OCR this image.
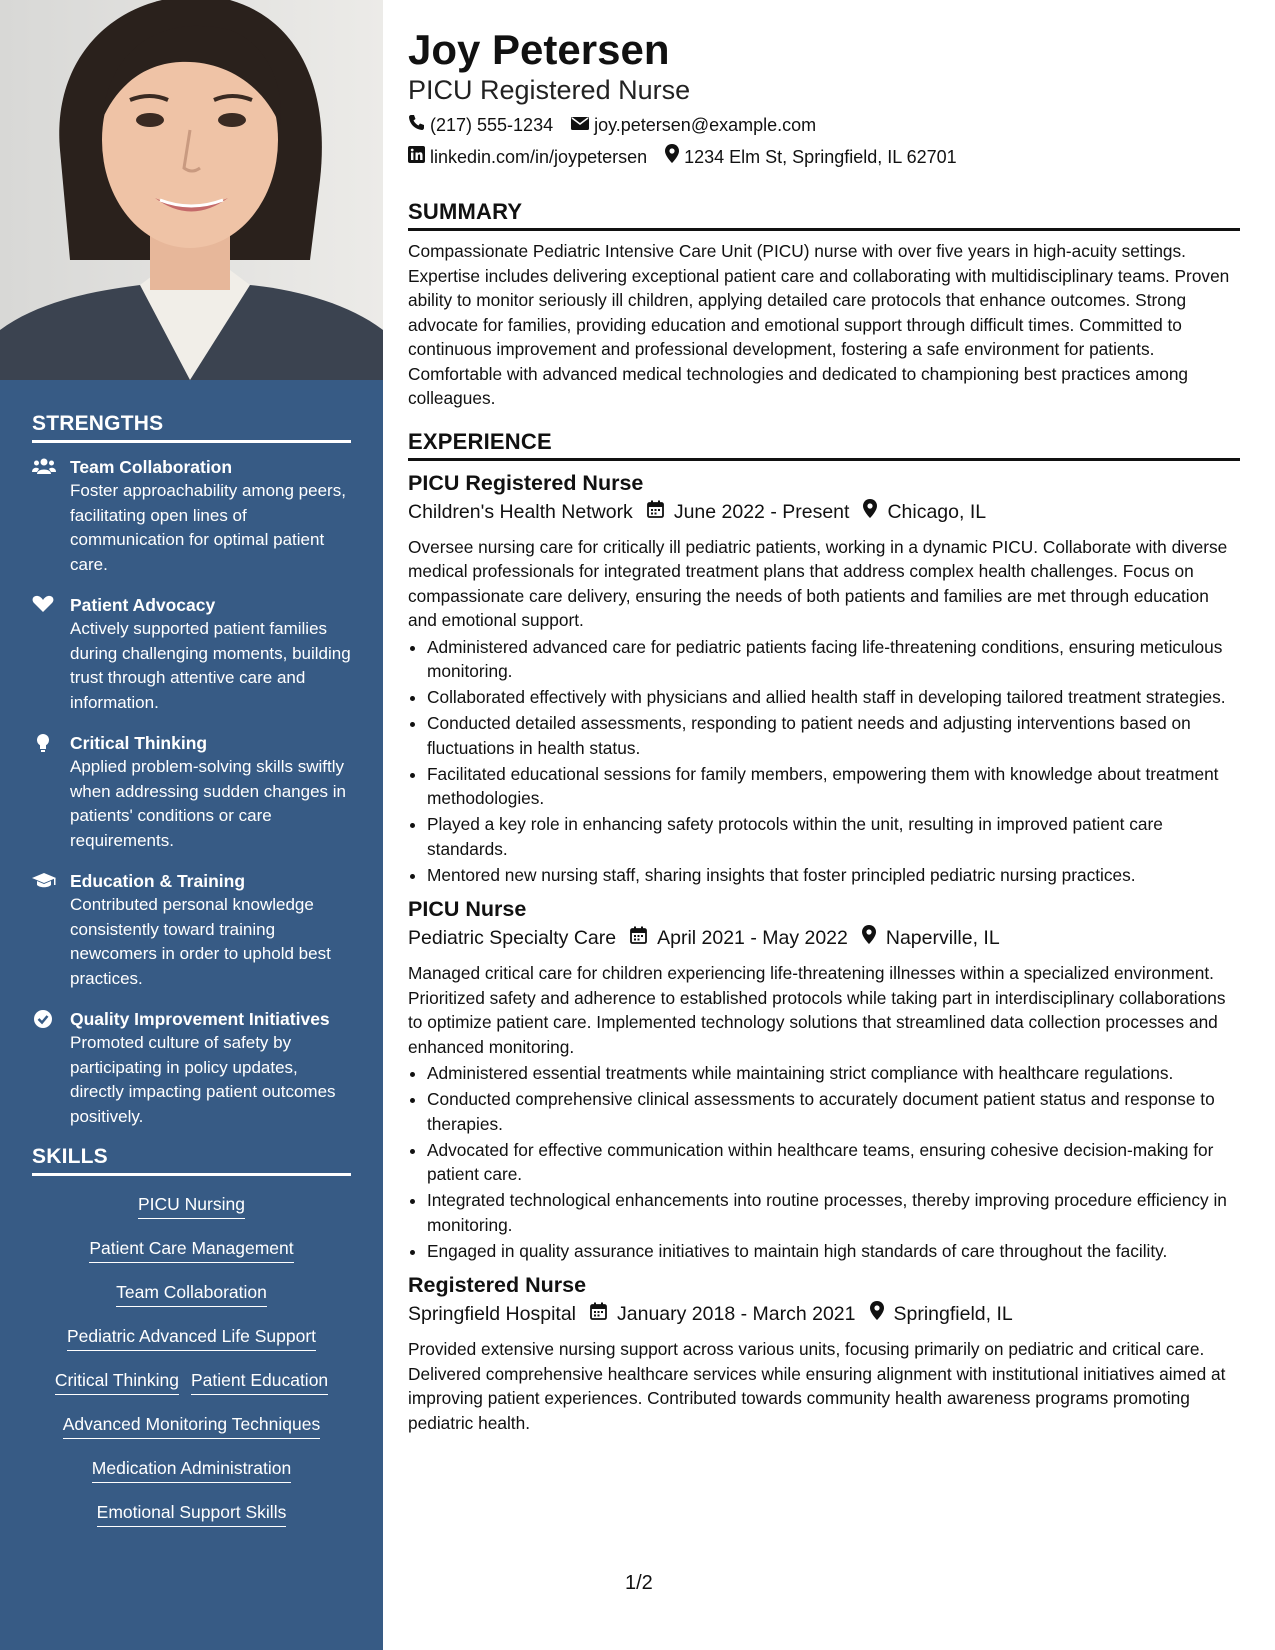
STRENGTHS
Team Collaboration
Foster approachability among peers, facilitating open lines of communication for optimal patient care.
Patient Advocacy
Actively supported patient families during challenging moments, building trust through attentive care and information.
Critical Thinking
Applied problem-solving skills swiftly when addressing sudden changes in patients' conditions or care requirements.
Education & Training
Contributed personal knowledge consistently toward training newcomers in order to uphold best practices.
Quality Improvement Initiatives
Promoted culture of safety by participating in policy updates, directly impacting patient outcomes positively.
SKILLS
PICU Nursing
Patient Care Management
Team Collaboration
Pediatric Advanced Life Support
Critical Thinking Patient Education
Advanced Monitoring Techniques
Medication Administration
Emotional Support Skills
Joy Petersen
PICU Registered Nurse
(217) 555-1234 joy.petersen@example.com
linkedin.com/in/joypetersen 1234 Elm St, Springfield, IL 62701
SUMMARY

Compassionate Pediatric Intensive Care Unit (PICU) nurse with over five years in high-acuity settings. Expertise includes delivering exceptional patient care and collaborating with multidisciplinary teams. Proven ability to monitor seriously ill children, applying detailed care protocols that enhance outcomes. Strong advocate for families, providing education and emotional support through difficult times. Committed to continuous improvement and professional development, fostering a safe environment for patients. Comfortable with advanced medical technologies and dedicated to championing best practices among colleagues.

EXPERIENCE
PICU Registered Nurse
Children's Health Network June 2022 - Present Chicago, IL

Oversee nursing care for critically ill pediatric patients, working in a dynamic PICU. Collaborate with diverse medical professionals for integrated treatment plans that address complex health challenges. Focus on compassionate care delivery, ensuring the needs of both patients and families are met through education and emotional support.

• Administered advanced care for pediatric patients facing life-threatening conditions, ensuring meticulous monitoring.
• Collaborated effectively with physicians and allied health staff in developing tailored treatment strategies.
• Conducted detailed assessments, responding to patient needs and adjusting interventions based on fluctuations in health status.
• Facilitated educational sessions for family members, empowering them with knowledge about treatment methodologies.
• Played a key role in enhancing safety protocols within the unit, resulting in improved patient care standards.
• Mentored new nursing staff, sharing insights that foster principled pediatric nursing practices.
PICU Nurse
Pediatric Specialty Care April 2021 - May 2022 Naperville, IL

Managed critical care for children experiencing life-threatening illnesses within a specialized environment. Prioritized safety and adherence to established protocols while taking part in interdisciplinary collaborations to optimize patient care. Implemented technology solutions that streamlined data collection processes and enhanced monitoring.

• Administered essential treatments while maintaining strict compliance with healthcare regulations.
• Conducted comprehensive clinical assessments to accurately document patient status and response to therapies.
• Advocated for effective communication within healthcare teams, ensuring cohesive decision-making for patient care.
• Integrated technological enhancements into routine processes, thereby improving procedure efficiency in monitoring.
• Engaged in quality assurance initiatives to maintain high standards of care throughout the facility.
Registered Nurse
Springfield Hospital January 2018 - March 2021 Springfield, IL

Provided extensive nursing support across various units, focusing primarily on pediatric and critical care. Delivered comprehensive healthcare services while ensuring alignment with institutional initiatives aimed at improving patient experiences. Contributed towards community health awareness programs promoting pediatric health.

1/2
